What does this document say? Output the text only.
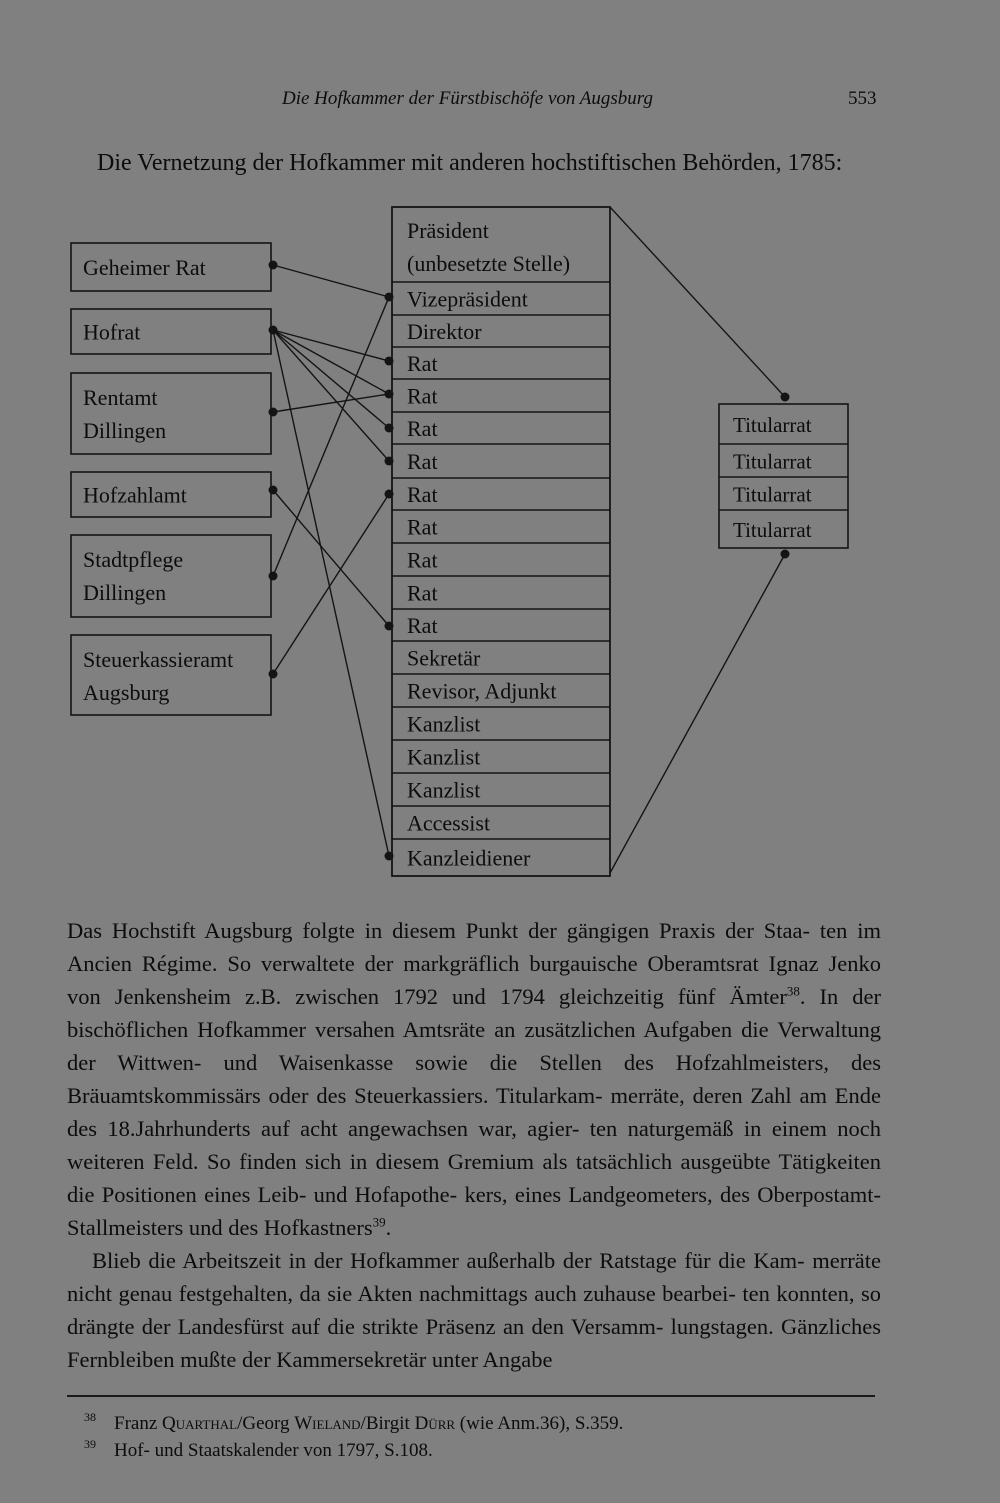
Die Hofkammer der Fürstbischöfe von Augsburg	553
Die Vernetzung der Hofkammer mit anderen hochstiftischen Behörden, 1785:
Geheimer Rat
Hofrat
Rentamt
Dillingen
Hofzahlamt
Stadtpflege
Dillingen
Steuerkassieramt
Augsburg
Präsident
(unbesetzte Stelle)
Vizepräsident
Direktor
Rat
Rat
Rat
Rat
Rat
Rat
Rat
Rat
Rat
Sekretär
Revisor, Adjunkt
Kanzlist
Kanzlist
Kanzlist
Accessist
Kanzleidiener
Titularrat
Titularrat
Titularrat
Titularrat

Das Hochstift Augsburg folgte in diesem Punkt der gängigen Praxis der Staa- ten im Ancien Régime. So verwaltete der markgräflich burgauische Oberamtsrat Ignaz Jenko von Jenkensheim z.B. zwischen 1792 und 1794 gleichzeitig fünf Ämter$^{38}$. In der bischöflichen Hofkammer versahen Amtsräte an zusätzlichen Aufgaben die Verwaltung der Wittwen- und Waisenkasse sowie die Stellen des Hofzahlmeisters, des Bräuamtskommissärs oder des Steuerkassiers. Titularkam- merräte, deren Zahl am Ende des 18.Jahrhunderts auf acht angewachsen war, agier- ten naturgemäß in einem noch weiteren Feld. So finden sich in diesem Gremium als tatsächlich ausgeübte Tätigkeiten die Positionen eines Leib- und Hofapothe- kers, eines Landgeometers, des Oberpostamt-Stallmeisters und des Hofkastners$^{39}$.

Blieb die Arbeitszeit in der Hofkammer außerhalb der Ratstage für die Kam- merräte nicht genau festgehalten, da sie Akten nachmittags auch zuhause bearbei- ten konnten, so drängte der Landesfürst auf die strikte Präsenz an den Versamm- lungstagen. Gänzliches Fernbleiben mußte der Kammersekretär unter Angabe

38 Franz Quarthal/Georg Wieland/Birgit Dürr (wie Anm.36), S.359.
39 Hof- und Staatskalender von 1797, S.108.
